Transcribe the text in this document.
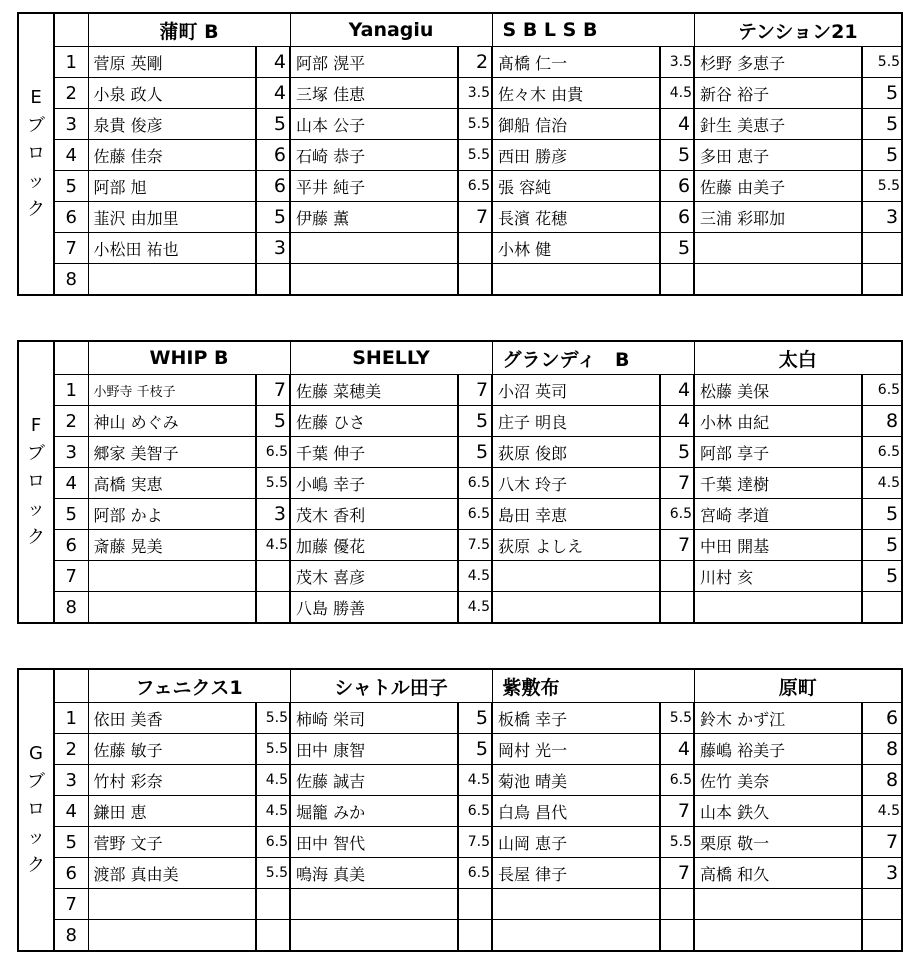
E
ブ
ロ
ッ
ク		蒲町 B		Yanagiu		S B L S B		テンション21	
	1	菅原 英剛	4	阿部 滉平	2	髙橋 仁一	3.5	杉野 多恵子	5.5
	2	小泉 政人	4	三塚 佳恵	3.5	佐々木 由貴	4.5	新谷 裕子	5
	3	泉貴 俊彦	5	山本 公子	5.5	御船 信治	4	針生 美恵子	5
	4	佐藤 佳奈	6	石崎 恭子	5.5	西田 勝彦	5	多田 恵子	5
	5	阿部 旭	6	平井 純子	6.5	張 容純	6	佐藤 由美子	5.5
	6	韮沢 由加里	5	伊藤 薫	7	長濱 花穂	6	三浦 彩耶加	3
	7	小松田 祐也	3			小林 健	5		
	8								
F
ブ
ロ
ッ
ク		WHIP B		SHELLY		グランディ　B		太白	
	1	小野寺 千枝子	7	佐藤 菜穂美	7	小沼 英司	4	松藤 美保	6.5
	2	神山 めぐみ	5	佐藤 ひさ	5	庄子 明良	4	小林 由紀	8
	3	郷家 美智子	6.5	千葉 伸子	5	荻原 俊郎	5	阿部 享子	6.5
	4	高橋 実恵	5.5	小嶋 幸子	6.5	八木 玲子	7	千葉 達樹	4.5
	5	阿部 かよ	3	茂木 香利	6.5	島田 幸恵	6.5	宮崎 孝道	5
	6	斎藤 晃美	4.5	加藤 優花	7.5	荻原 よしえ	7	中田 開基	5
	7			茂木 喜彦	4.5			川村 亥	5
	8			八島 勝善	4.5				
G
ブ
ロ
ッ
ク		フェニクス1		シャトル田子		紫敷布		原町	
	1	依田 美香	5.5	柿崎 栄司	5	板橋 幸子	5.5	鈴木 かず江	6
	2	佐藤 敏子	5.5	田中 康智	5	岡村 光一	4	藤嶋 裕美子	8
	3	竹村 彩奈	4.5	佐藤 誠吉	4.5	菊池 晴美	6.5	佐竹 美奈	8
	4	鎌田 恵	4.5	堀籠 みか	6.5	白鳥 昌代	7	山本 鉄久	4.5
	5	菅野 文子	6.5	田中 智代	7.5	山岡 恵子	5.5	栗原 敬一	7
	6	渡部 真由美	5.5	鳴海 真美	6.5	長屋 律子	7	高橋 和久	3
	7								
	8								
